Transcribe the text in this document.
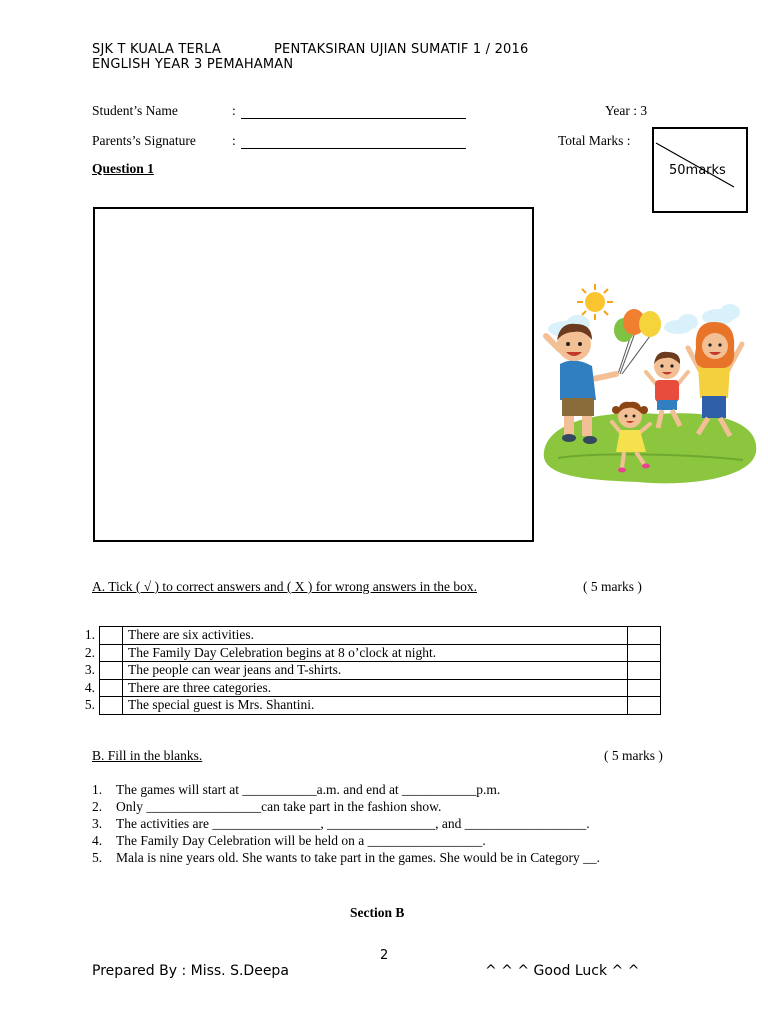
SJK T KUALA TERLA	PENTAKSIRAN UJIAN SUMATIF 1 / 2016
ENGLISH YEAR 3 PEMAHAMAN
Student’s Name	:
Parents’s Signature	:
Year : 3
Total Marks :
50marks
Question 1
A. Tick ( √ ) to correct answers and ( X ) for wrong answers in the box.	( 5 marks )
1.		There are six activities.	
2.		The Family Day Celebration begins at 8 o’clock at night.	
3.		The people can wear jeans and T-shirts.	
4.		There are three categories.	
5.		The special guest is Mrs. Shantini.	
B. Fill in the blanks.	( 5 marks )
1. The games will start at ___________a.m. and end at ___________p.m.
2. Only _________________can take part in the fashion show.
3. The activities are ________________, ________________, and __________________.
4. The Family Day Celebration will be held on a _________________.
5. Mala is nine years old. She wants to take part in the games. She would be in Category __.
Section B
2
Prepared By : Miss. S.Deepa	^ ^ ^ Good Luck ^ ^
